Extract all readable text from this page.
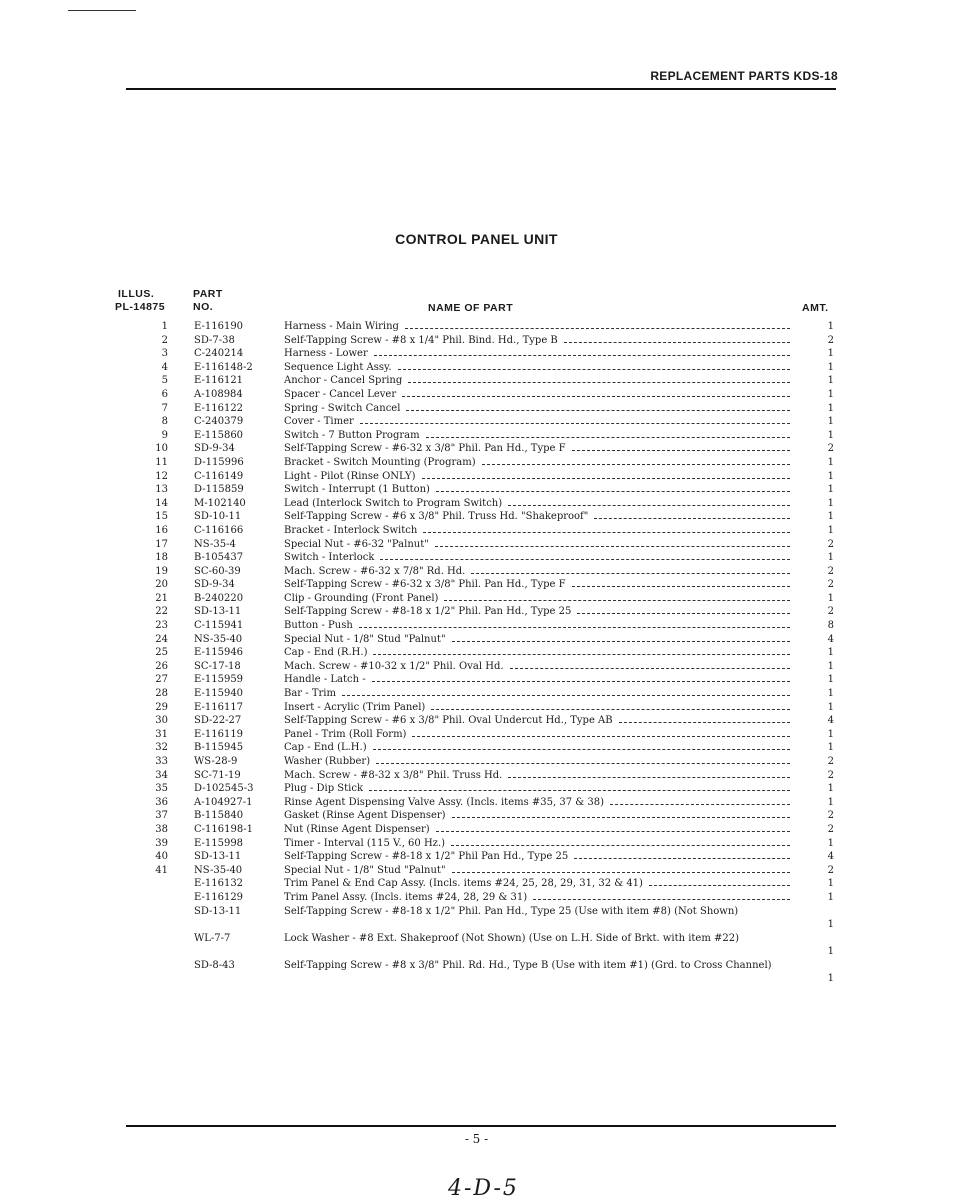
REPLACEMENT PARTS KDS-18
CONTROL PANEL UNIT
ILLUS.
PL-14875
PART
NO.	NAME OF PART	AMT.
1	E-116190	Harness - Main Wiring	1
2	SD-7-38	Self-Tapping Screw - #8 x 1/4" Phil. Bind. Hd., Type B	2
3	C-240214	Harness - Lower	1
4	E-116148-2	Sequence Light Assy.	1
5	E-116121	Anchor - Cancel Spring	1
6	A-108984	Spacer - Cancel Lever	1
7	E-116122	Spring - Switch Cancel	1
8	C-240379	Cover - Timer	1
9	E-115860	Switch - 7 Button Program	1
10	SD-9-34	Self-Tapping Screw - #6-32 x 3/8" Phil. Pan Hd., Type F	2
11	D-115996	Bracket - Switch Mounting (Program)	1
12	C-116149	Light - Pilot (Rinse ONLY)	1
13	D-115859	Switch - Interrupt (1 Button)	1
14	M-102140	Lead (Interlock Switch to Program Switch)	1
15	SD-10-11	Self-Tapping Screw - #6 x 3/8" Phil. Truss Hd. "Shakeproof"	1
16	C-116166	Bracket - Interlock Switch	1
17	NS-35-4	Special Nut - #6-32 "Palnut"	2
18	B-105437	Switch - Interlock	1
19	SC-60-39	Mach. Screw - #6-32 x 7/8" Rd. Hd.	2
20	SD-9-34	Self-Tapping Screw - #6-32 x 3/8" Phil. Pan Hd., Type F	2
21	B-240220	Clip - Grounding (Front Panel)	1
22	SD-13-11	Self-Tapping Screw - #8-18 x 1/2" Phil. Pan Hd., Type 25	2
23	C-115941	Button - Push	8
24	NS-35-40	Special Nut - 1/8" Stud "Palnut"	4
25	E-115946	Cap - End (R.H.)	1
26	SC-17-18	Mach. Screw - #10-32 x 1/2" Phil. Oval Hd.	1
27	E-115959	Handle - Latch -	1
28	E-115940	Bar - Trim	1
29	E-116117	Insert - Acrylic (Trim Panel)	1
30	SD-22-27	Self-Tapping Screw - #6 x 3/8" Phil. Oval Undercut Hd., Type AB	4
31	E-116119	Panel - Trim (Roll Form)	1
32	B-115945	Cap - End (L.H.)	1
33	WS-28-9	Washer (Rubber)	2
34	SC-71-19	Mach. Screw - #8-32 x 3/8" Phil. Truss Hd.	2
35	D-102545-3	Plug - Dip Stick	1
36	A-104927-1	Rinse Agent Dispensing Valve Assy. (Incls. items #35, 37 & 38)	1
37	B-115840	Gasket (Rinse Agent Dispenser)	2
38	C-116198-1	Nut (Rinse Agent Dispenser)	2
39	E-115998	Timer - Interval (115 V., 60 Hz.)	1
40	SD-13-11	Self-Tapping Screw - #8-18 x 1/2" Phil Pan Hd., Type 25	4
41	NS-35-40	Special Nut - 1/8" Stud "Palnut"	2
	E-116132	Trim Panel & End Cap Assy. (Incls. items #24, 25, 28, 29, 31, 32 & 41)	1
	E-116129	Trim Panel Assy. (Incls. items #24, 28, 29 & 31)	1
	SD-13-11	Self-Tapping Screw - #8-18 x 1/2" Phil. Pan Hd., Type 25 (Use with item #8) (Not Shown)	1
	WL-7-7	Lock Washer - #8 Ext. Shakeproof (Not Shown) (Use on L.H. Side of Brkt. with item #22)	1
	SD-8-43	Self-Tapping Screw - #8 x 3/8" Phil. Rd. Hd., Type B (Use with item #1) (Grd. to Cross Channel)	1
- 5 -
4-D-5
